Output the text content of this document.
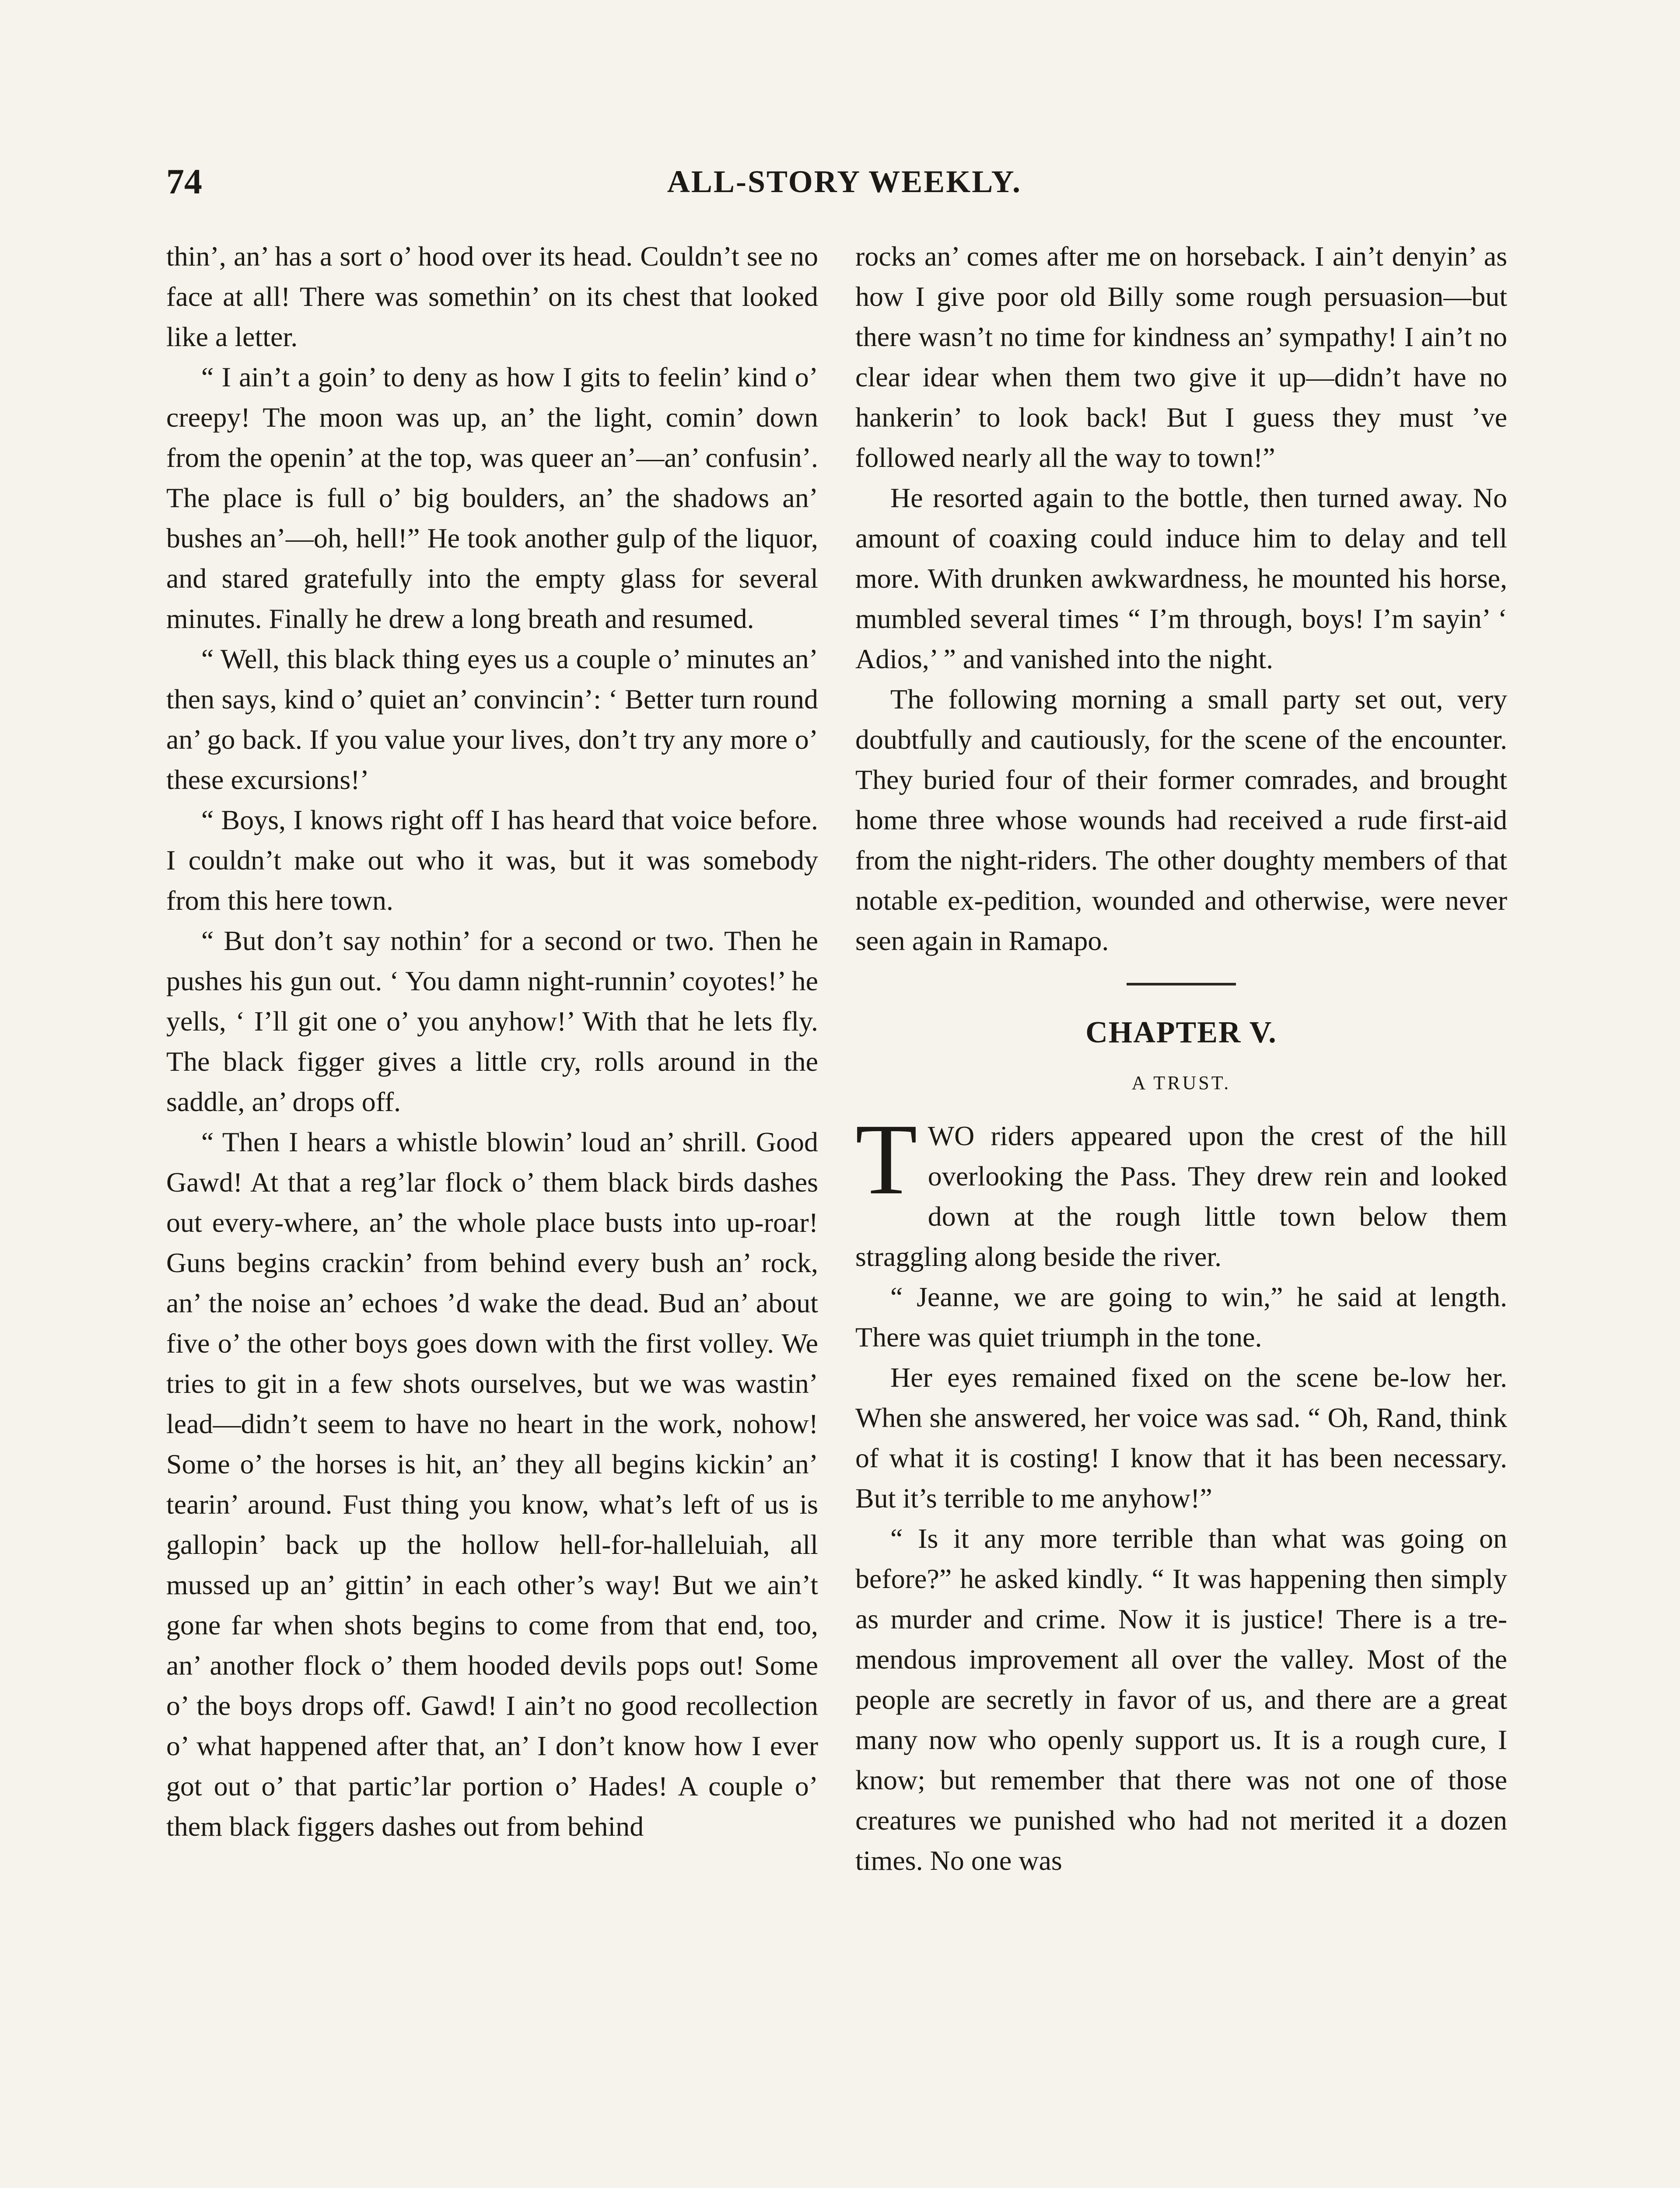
74	ALL-STORY WEEKLY.

thin’, an’ has a sort o’ hood over its head. Couldn’t see no face at all! There was somethin’ on its chest that looked like a letter.

“ I ain’t a goin’ to deny as how I gits to feelin’ kind o’ creepy! The moon was up, an’ the light, comin’ down from the openin’ at the top, was queer an’—an’ confusin’. The place is full o’ big boulders, an’ the shadows an’ bushes an’—oh, hell!” He took another gulp of the liquor, and stared gratefully into the empty glass for several minutes. Finally he drew a long breath and resumed.

“ Well, this black thing eyes us a couple o’ minutes an’ then says, kind o’ quiet an’ convincin’: ‘ Better turn round an’ go back. If you value your lives, don’t try any more o’ these excursions!’

“ Boys, I knows right off I has heard that voice before. I couldn’t make out who it was, but it was somebody from this here town.

“ But don’t say nothin’ for a second or two. Then he pushes his gun out. ‘ You damn night-runnin’ coyotes!’ he yells, ‘ I’ll git one o’ you anyhow!’ With that he lets fly. The black figger gives a little cry, rolls around in the saddle, an’ drops off.

“ Then I hears a whistle blowin’ loud an’ shrill. Good Gawd! At that a reg’lar flock o’ them black birds dashes out every-where, an’ the whole place busts into up-roar! Guns begins crackin’ from behind every bush an’ rock, an’ the noise an’ echoes ’d wake the dead. Bud an’ about five o’ the other boys goes down with the first volley. We tries to git in a few shots ourselves, but we was wastin’ lead—didn’t seem to have no heart in the work, nohow! Some o’ the horses is hit, an’ they all begins kickin’ an’ tearin’ around. Fust thing you know, what’s left of us is gallopin’ back up the hollow hell-for-halleluiah, all mussed up an’ gittin’ in each other’s way! But we ain’t gone far when shots begins to come from that end, too, an’ another flock o’ them hooded devils pops out! Some o’ the boys drops off. Gawd! I ain’t no good recollection o’ what happened after that, an’ I don’t know how I ever got out o’ that partic’lar portion o’ Hades! A couple o’ them black figgers dashes out from behind

rocks an’ comes after me on horseback. I ain’t denyin’ as how I give poor old Billy some rough persuasion—but there wasn’t no time for kindness an’ sympathy! I ain’t no clear idear when them two give it up—didn’t have no hankerin’ to look back! But I guess they must ’ve followed nearly all the way to town!”

He resorted again to the bottle, then turned away. No amount of coaxing could induce him to delay and tell more. With drunken awkwardness, he mounted his horse, mumbled several times “ I’m through, boys! I’m sayin’ ‘ Adios,’ ” and vanished into the night.

The following morning a small party set out, very doubtfully and cautiously, for the scene of the encounter. They buried four of their former comrades, and brought home three whose wounds had received a rude first-aid from the night-riders. The other doughty members of that notable ex-pedition, wounded and otherwise, were never seen again in Ramapo.

CHAPTER V.
A TRUST.

TWO riders appeared upon the crest of the hill overlooking the Pass. They drew rein and looked down at the rough little town below them straggling along beside the river.

“ Jeanne, we are going to win,” he said at length. There was quiet triumph in the tone.

Her eyes remained fixed on the scene be-low her. When she answered, her voice was sad. “ Oh, Rand, think of what it is costing! I know that it has been necessary. But it’s terrible to me anyhow!”

“ Is it any more terrible than what was going on before?” he asked kindly. “ It was happening then simply as murder and crime. Now it is justice! There is a tre-mendous improvement all over the valley. Most of the people are secretly in favor of us, and there are a great many now who openly support us. It is a rough cure, I know; but remember that there was not one of those creatures we punished who had not merited it a dozen times. No one was
